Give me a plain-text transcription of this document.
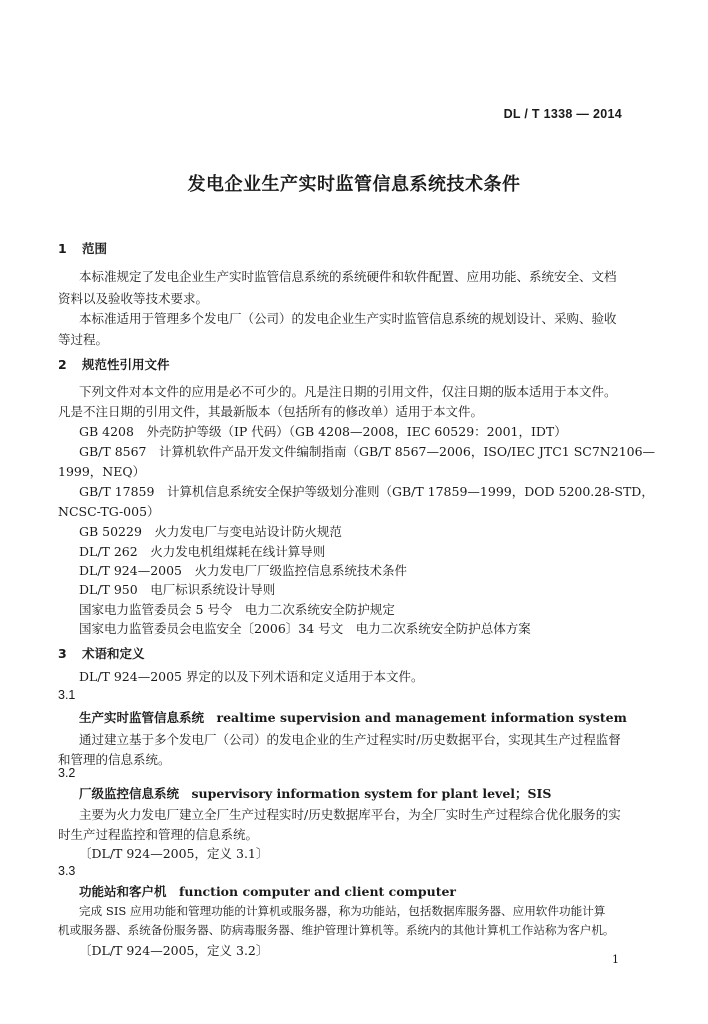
DL / T 1338 — 2014
发电企业生产实时监管信息系统技术条件
1 范围
本标准规定了发电企业生产实时监管信息系统的系统硬件和软件配置、应用功能、系统安全、文档
资料以及验收等技术要求。
本标准适用于管理多个发电厂（公司）的发电企业生产实时监管信息系统的规划设计、采购、验收
等过程。
2 规范性引用文件
下列文件对本文件的应用是必不可少的。凡是注日期的引用文件，仅注日期的版本适用于本文件。
凡是不注日期的引用文件，其最新版本（包括所有的修改单）适用于本文件。
GB 4208　外壳防护等级（IP 代码）（GB 4208—2008，IEC 60529：2001，IDT）
GB/T 8567　计算机软件产品开发文件编制指南（GB/T 8567—2006，ISO/IEC JTC1 SC7N2106—
1999，NEQ）
GB/T 17859　计算机信息系统安全保护等级划分准则（GB/T 17859—1999，DOD 5200.28-STD，
NCSC-TG-005）
GB 50229　火力发电厂与变电站设计防火规范
DL/T 262　火力发电机组煤耗在线计算导则
DL/T 924—2005　火力发电厂厂级监控信息系统技术条件
DL/T 950　电厂标识系统设计导则
国家电力监管委员会 5 号令　电力二次系统安全防护规定
国家电力监管委员会电监安全〔2006〕34 号文　电力二次系统安全防护总体方案
3 术语和定义
DL/T 924—2005 界定的以及下列术语和定义适用于本文件。
3.1
生产实时监管信息系统　realtime supervision and management information system
通过建立基于多个发电厂（公司）的发电企业的生产过程实时/历史数据平台，实现其生产过程监督
和管理的信息系统。
3.2
厂级监控信息系统　supervisory information system for plant level；SIS
主要为火力发电厂建立全厂生产过程实时/历史数据库平台，为全厂实时生产过程综合优化服务的实
时生产过程监控和管理的信息系统。
〔DL/T 924—2005，定义 3.1〕
3.3
功能站和客户机　function computer and client computer
完成 SIS 应用功能和管理功能的计算机或服务器，称为功能站，包括数据库服务器、应用软件功能计算
机或服务器、系统备份服务器、防病毒服务器、维护管理计算机等。系统内的其他计算机工作站称为客户机。
〔DL/T 924—2005，定义 3.2〕
1
